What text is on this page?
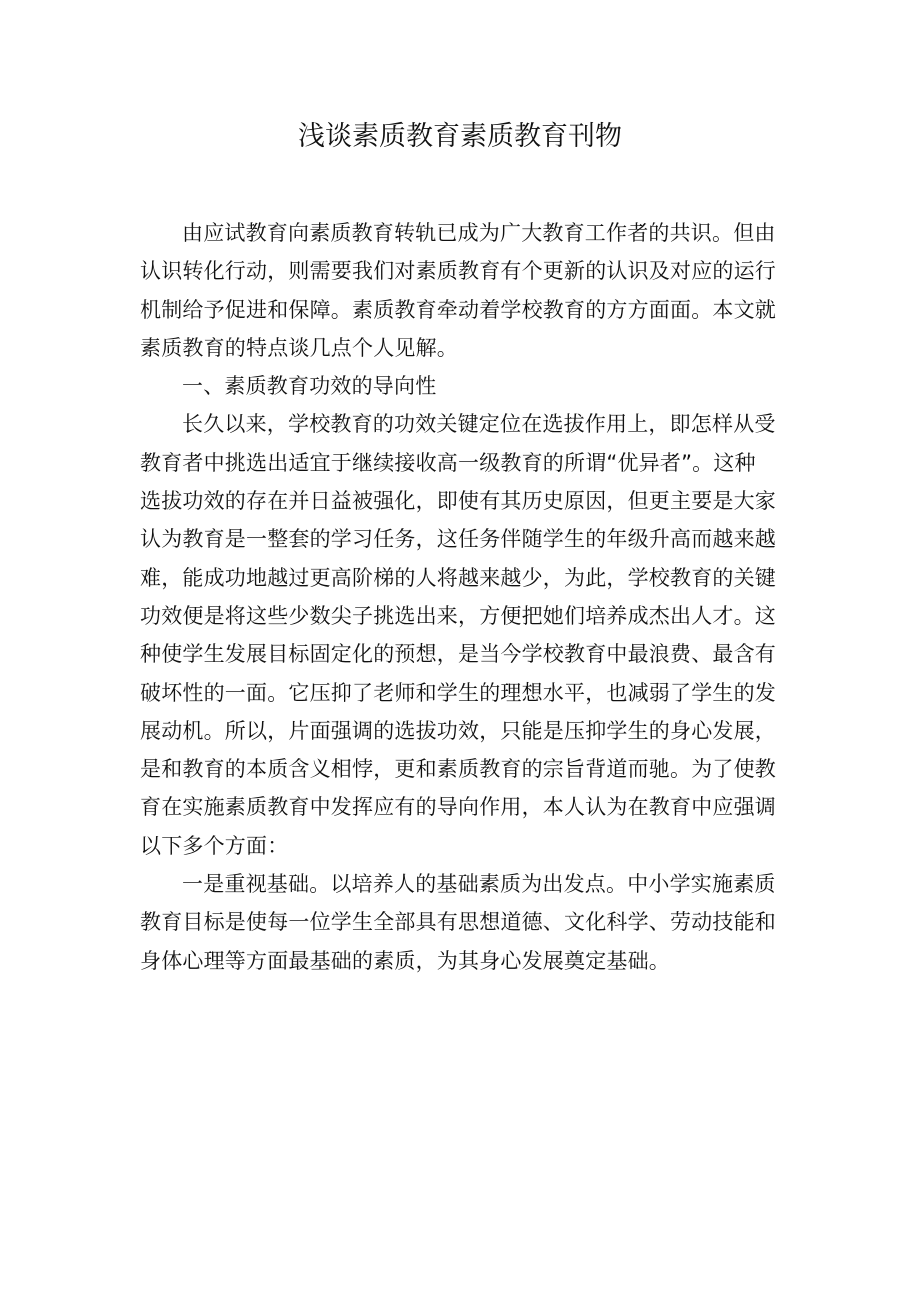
浅谈素质教育素质教育刊物

由应试教育向素质教育转轨已成为广大教育工作者的共识。但由

认识转化行动，则需要我们对素质教育有个更新的认识及对应的运行

机制给予促进和保障。素质教育牵动着学校教育的方方面面。本文就

素质教育的特点谈几点个人见解。

一、素质教育功效的导向性

长久以来，学校教育的功效关键定位在选拔作用上，即怎样从受

教育者中挑选出适宜于继续接收高一级教育的所谓“优异者”。这种

选拔功效的存在并日益被强化，即使有其历史原因，但更主要是大家

认为教育是一整套的学习任务，这任务伴随学生的年级升高而越来越

难，能成功地越过更高阶梯的人将越来越少，为此，学校教育的关键

功效便是将这些少数尖子挑选出来，方便把她们培养成杰出人才。这

种使学生发展目标固定化的预想，是当今学校教育中最浪费、最含有

破坏性的一面。它压抑了老师和学生的理想水平，也减弱了学生的发

展动机。所以，片面强调的选拔功效，只能是压抑学生的身心发展，

是和教育的本质含义相悖，更和素质教育的宗旨背道而驰。为了使教

育在实施素质教育中发挥应有的导向作用，本人认为在教育中应强调

以下多个方面：

一是重视基础。以培养人的基础素质为出发点。中小学实施素质

教育目标是使每一位学生全部具有思想道德、文化科学、劳动技能和

身体心理等方面最基础的素质，为其身心发展奠定基础。
